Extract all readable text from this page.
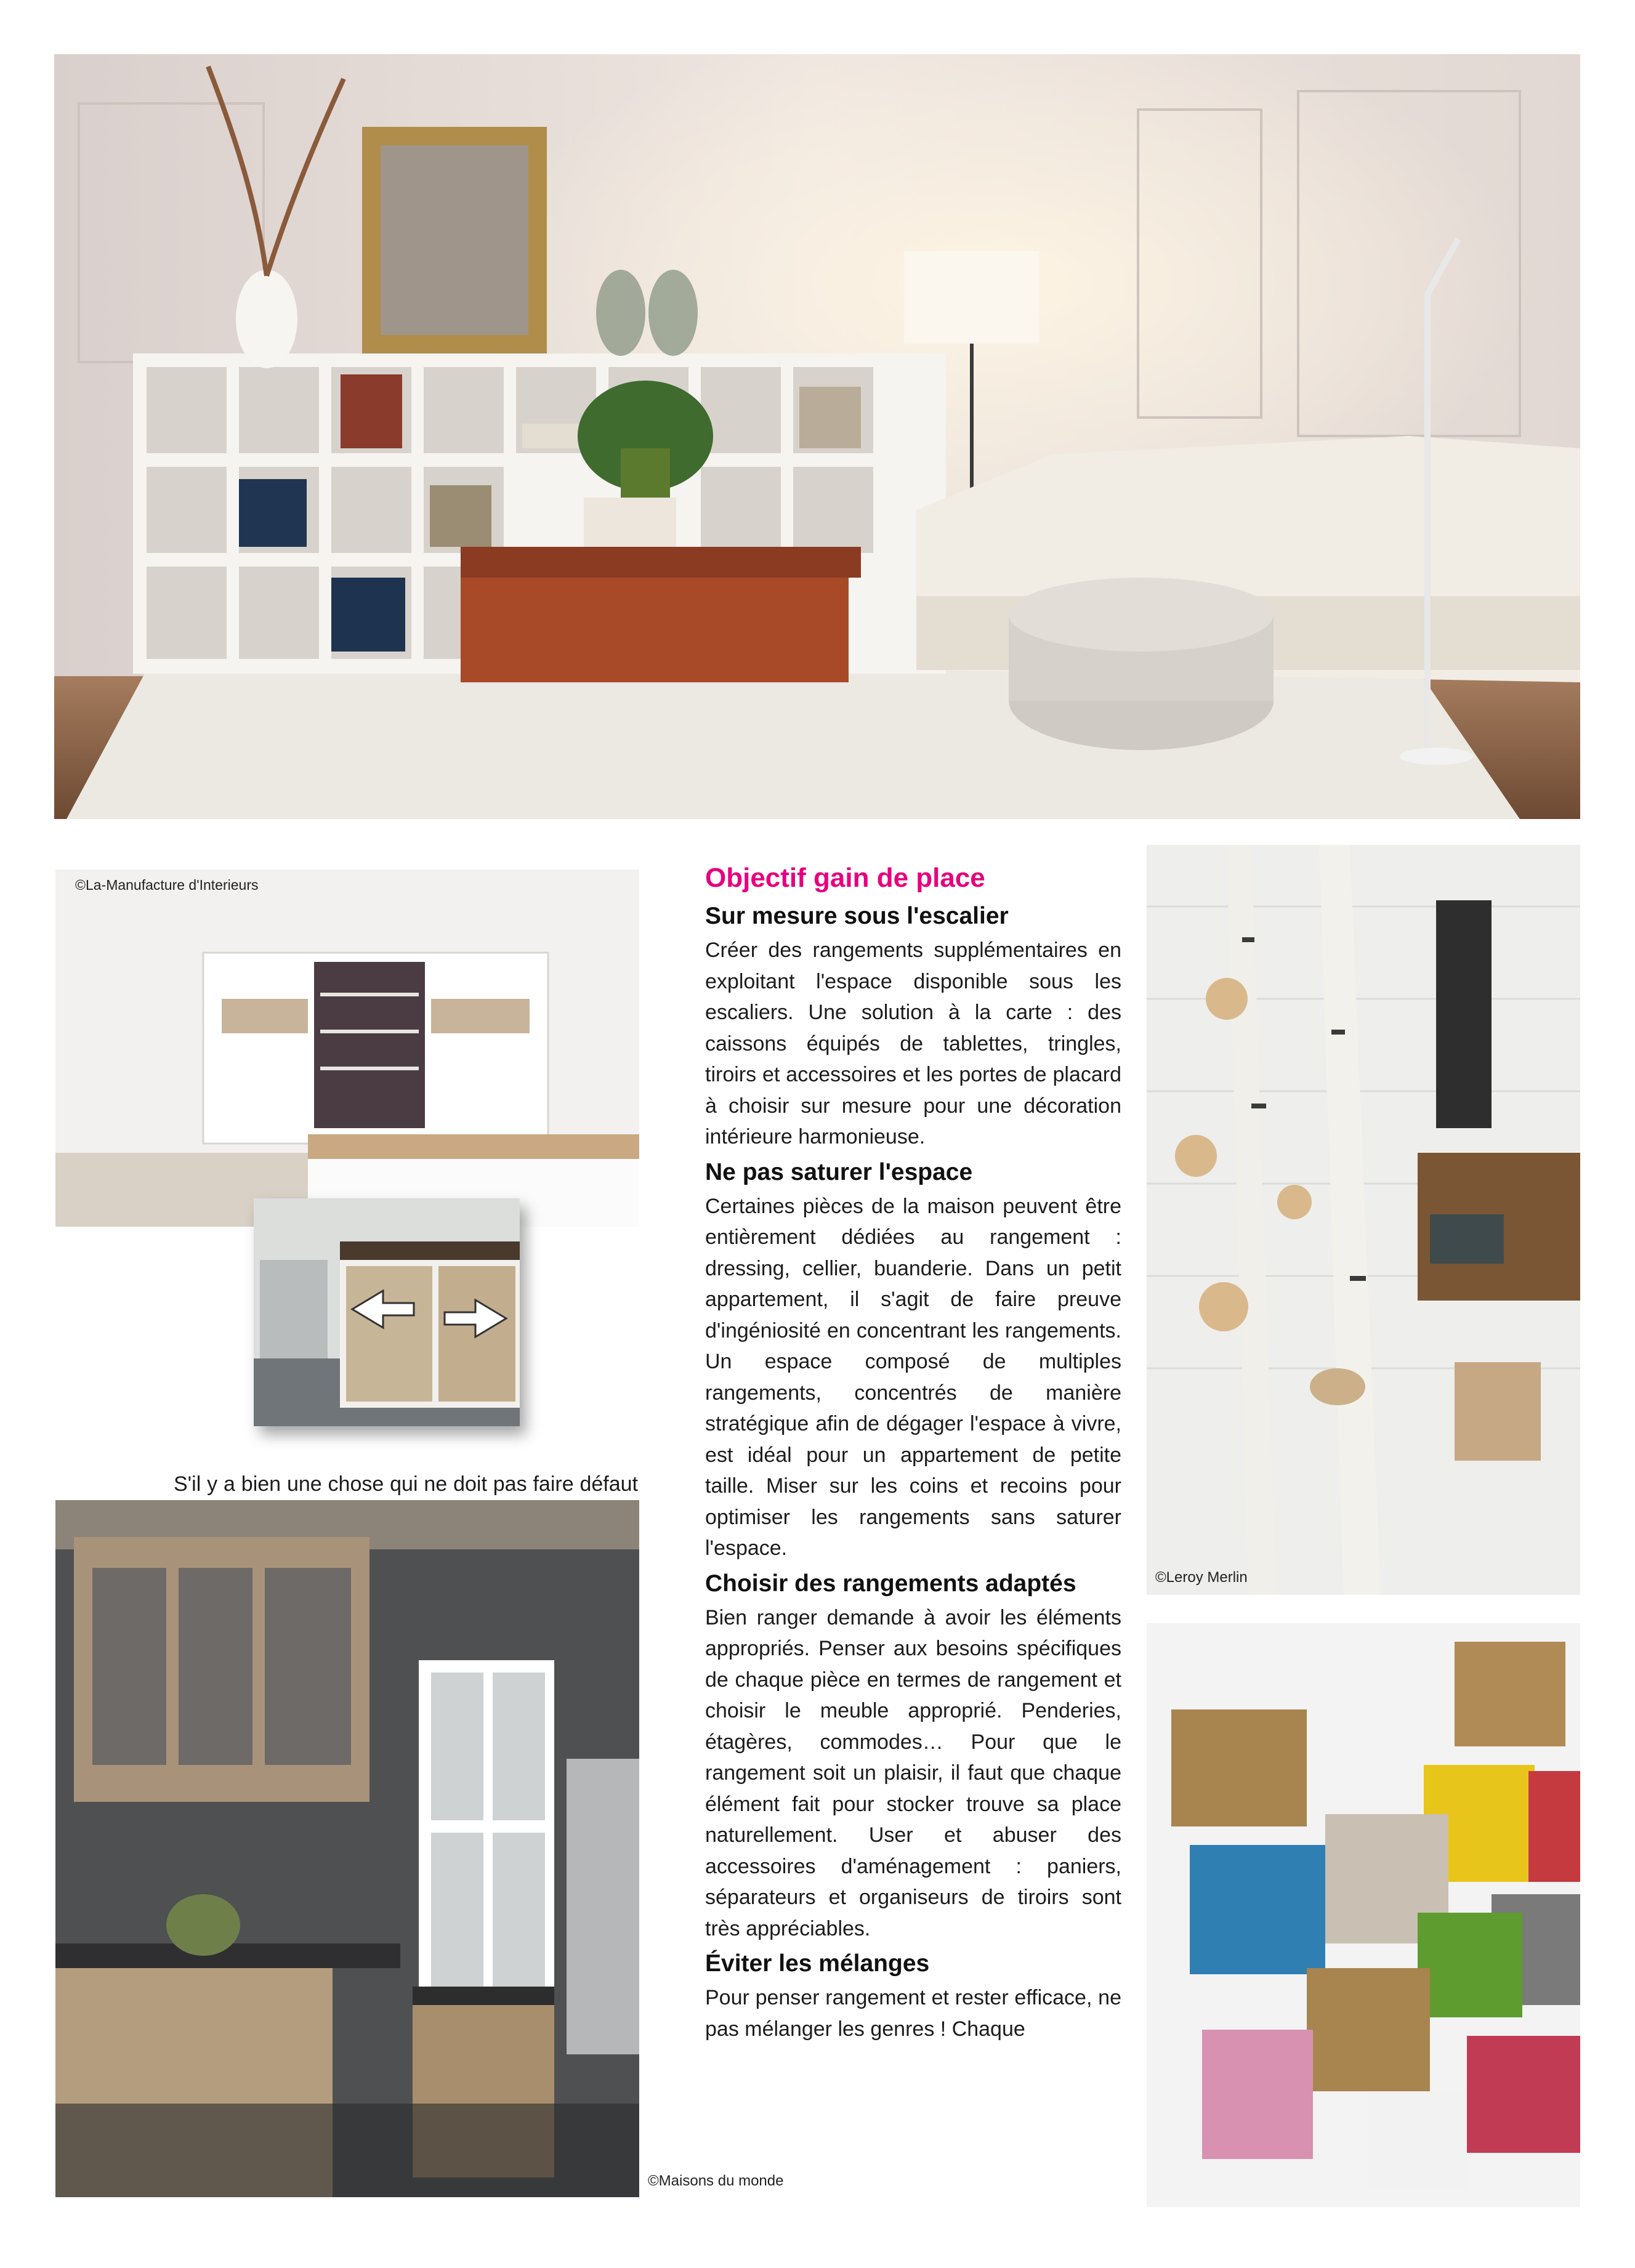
©La-Manufacture d'Interieurs
S'il y a bien une chose qui ne doit pas faire défaut
©Maisons du monde
Objectif gain de place
Sur mesure sous l'escalier

Créer des rangements supplémentaires en exploitant l'espace disponible sous les escaliers. Une solution à la carte : des caissons équipés de tablettes, tringles, tiroirs et accessoires et les portes de placard à choisir sur mesure pour une décoration intérieure harmonieuse.

Ne pas saturer l'espace

Certaines pièces de la maison peuvent être entièrement dédiées au rangement : dressing, cellier, buanderie. Dans un petit appartement, il s'agit de faire preuve d'ingéniosité en concentrant les rangements. Un espace composé de multiples rangements, concentrés de manière stratégique afin de dégager l'espace à vivre, est idéal pour un appartement de petite taille. Miser sur les coins et recoins pour optimiser les rangements sans saturer l'espace.

Choisir des rangements adaptés

Bien ranger demande à avoir les éléments appropriés. Penser aux besoins spécifiques de chaque pièce en termes de rangement et choisir le meuble approprié. Penderies, étagères, commodes… Pour que le rangement soit un plaisir, il faut que chaque élément fait pour stocker trouve sa place naturellement. User et abuser des accessoires d'aménagement : paniers, séparateurs et organiseurs de tiroirs sont très appréciables.

Éviter les mélanges

Pour penser rangement et rester efficace, ne pas mélanger les genres ! Chaque

©Leroy Merlin
